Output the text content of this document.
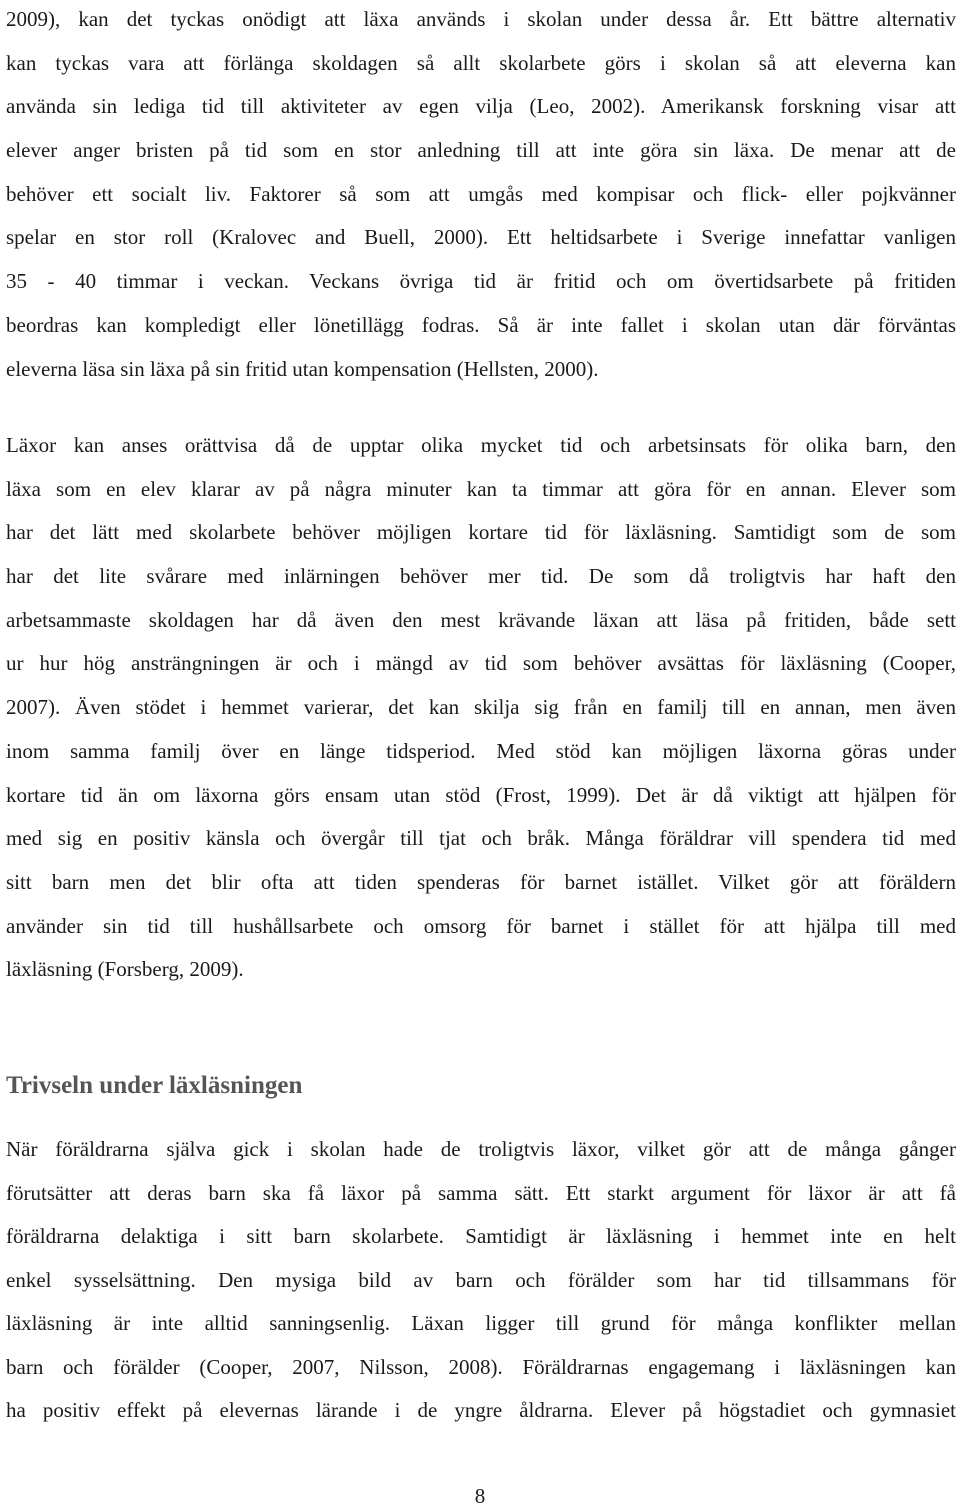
2009), kan det tyckas onödigt att läxa används i skolan under dessa år. Ett bättre alternativ
kan tyckas vara att förlänga skoldagen så allt skolarbete görs i skolan så att eleverna kan
använda sin lediga tid till aktiviteter av egen vilja (Leo, 2002). Amerikansk forskning visar att
elever anger bristen på tid som en stor anledning till att inte göra sin läxa. De menar att de
behöver ett socialt liv. Faktorer så som att umgås med kompisar och flick- eller pojkvänner
spelar en stor roll (Kralovec and Buell, 2000). Ett heltidsarbete i Sverige innefattar vanligen
35 - 40 timmar i veckan. Veckans övriga tid är fritid och om övertidsarbete på fritiden
beordras kan kompledigt eller lönetillägg fodras. Så är inte fallet i skolan utan där förväntas
eleverna läsa sin läxa på sin fritid utan kompensation (Hellsten, 2000).
Läxor kan anses orättvisa då de upptar olika mycket tid och arbetsinsats för olika barn, den
läxa som en elev klarar av på några minuter kan ta timmar att göra för en annan. Elever som
har det lätt med skolarbete behöver möjligen kortare tid för läxläsning. Samtidigt som de som
har det lite svårare med inlärningen behöver mer tid. De som då troligtvis har haft den
arbetsammaste skoldagen har då även den mest krävande läxan att läsa på fritiden, både sett
ur hur hög ansträngningen är och i mängd av tid som behöver avsättas för läxläsning (Cooper,
2007). Även stödet i hemmet varierar, det kan skilja sig från en familj till en annan, men även
inom samma familj över en länge tidsperiod. Med stöd kan möjligen läxorna göras under
kortare tid än om läxorna görs ensam utan stöd (Frost, 1999). Det är då viktigt att hjälpen för
med sig en positiv känsla och övergår till tjat och bråk. Många föräldrar vill spendera tid med
sitt barn men det blir ofta att tiden spenderas för barnet istället. Vilket gör att föräldern
använder sin tid till hushållsarbete och omsorg för barnet i stället för att hjälpa till med
läxläsning (Forsberg, 2009).
Trivseln under läxläsningen
När föräldrarna själva gick i skolan hade de troligtvis läxor, vilket gör att de många gånger
förutsätter att deras barn ska få läxor på samma sätt. Ett starkt argument för läxor är att få
föräldrarna delaktiga i sitt barn skolarbete. Samtidigt är läxläsning i hemmet inte en helt
enkel sysselsättning. Den mysiga bild av barn och förälder som har tid tillsammans för
läxläsning är inte alltid sanningsenlig. Läxan ligger till grund för många konflikter mellan
barn och förälder (Cooper, 2007, Nilsson, 2008). Föräldrarnas engagemang i läxläsningen kan
ha positiv effekt på elevernas lärande i de yngre åldrarna. Elever på högstadiet och gymnasiet
8
